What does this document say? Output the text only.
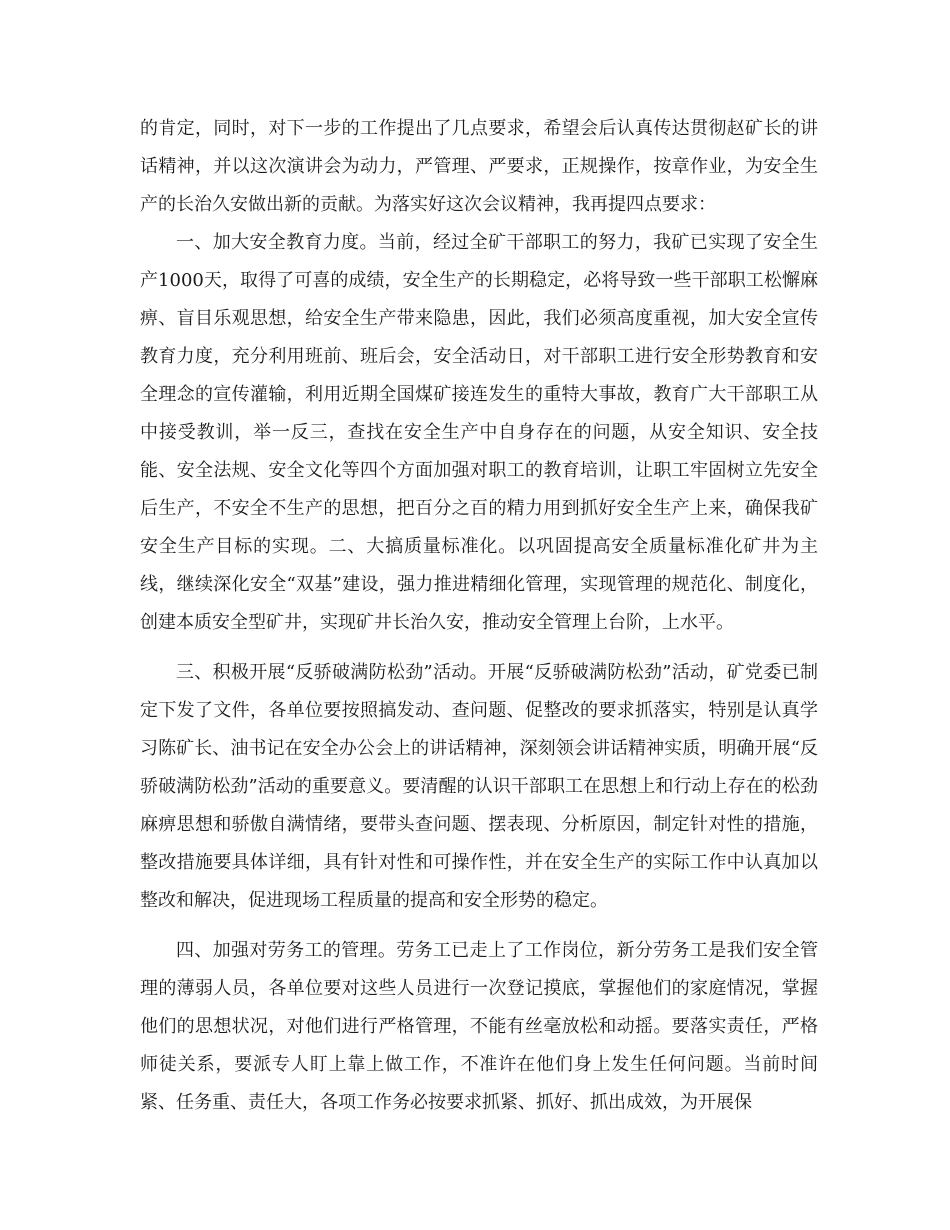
的肯定，同时，对下一步的工作提出了几点要求，希望会后认真传达贯彻赵矿长的讲话精神，并以这次演讲会为动力，严管理、严要求，正规操作，按章作业，为安全生产的长治久安做出新的贡献。为落实好这次会议精神，我再提四点要求：

一、加大安全教育力度。当前，经过全矿干部职工的努力，我矿已实现了安全生产1000天，取得了可喜的成绩，安全生产的长期稳定，必将导致一些干部职工松懈麻痹、盲目乐观思想，给安全生产带来隐患，因此，我们必须高度重视，加大安全宣传教育力度，充分利用班前、班后会，安全活动日，对干部职工进行安全形势教育和安全理念的宣传灌输，利用近期全国煤矿接连发生的重特大事故，教育广大干部职工从中接受教训，举一反三，查找在安全生产中自身存在的问题，从安全知识、安全技能、安全法规、安全文化等四个方面加强对职工的教育培训，让职工牢固树立先安全后生产，不安全不生产的思想，把百分之百的精力用到抓好安全生产上来，确保我矿安全生产目标的实现。二、大搞质量标准化。以巩固提高安全质量标准化矿井为主线，继续深化安全“双基”建设，强力推进精细化管理，实现管理的规范化、制度化，创建本质安全型矿井，实现矿井长治久安，推动安全管理上台阶，上水平。

三、积极开展“反骄破满防松劲”活动。开展“反骄破满防松劲”活动，矿党委已制定下发了文件，各单位要按照搞发动、查问题、促整改的要求抓落实，特别是认真学习陈矿长、油书记在安全办公会上的讲话精神，深刻领会讲话精神实质，明确开展“反骄破满防松劲”活动的重要意义。要清醒的认识干部职工在思想上和行动上存在的松劲麻痹思想和骄傲自满情绪，要带头查问题、摆表现、分析原因，制定针对性的措施，整改措施要具体详细，具有针对性和可操作性，并在安全生产的实际工作中认真加以整改和解决，促进现场工程质量的提高和安全形势的稳定。

四、加强对劳务工的管理。劳务工已走上了工作岗位，新分劳务工是我们安全管理的薄弱人员，各单位要对这些人员进行一次登记摸底，掌握他们的家庭情况，掌握他们的思想状况，对他们进行严格管理，不能有丝毫放松和动摇。要落实责任，严格师徒关系，要派专人盯上靠上做工作，不准许在他们身上发生任何问题。当前时间紧、任务重、责任大，各项工作务必按要求抓紧、抓好、抓出成效，为开展保
